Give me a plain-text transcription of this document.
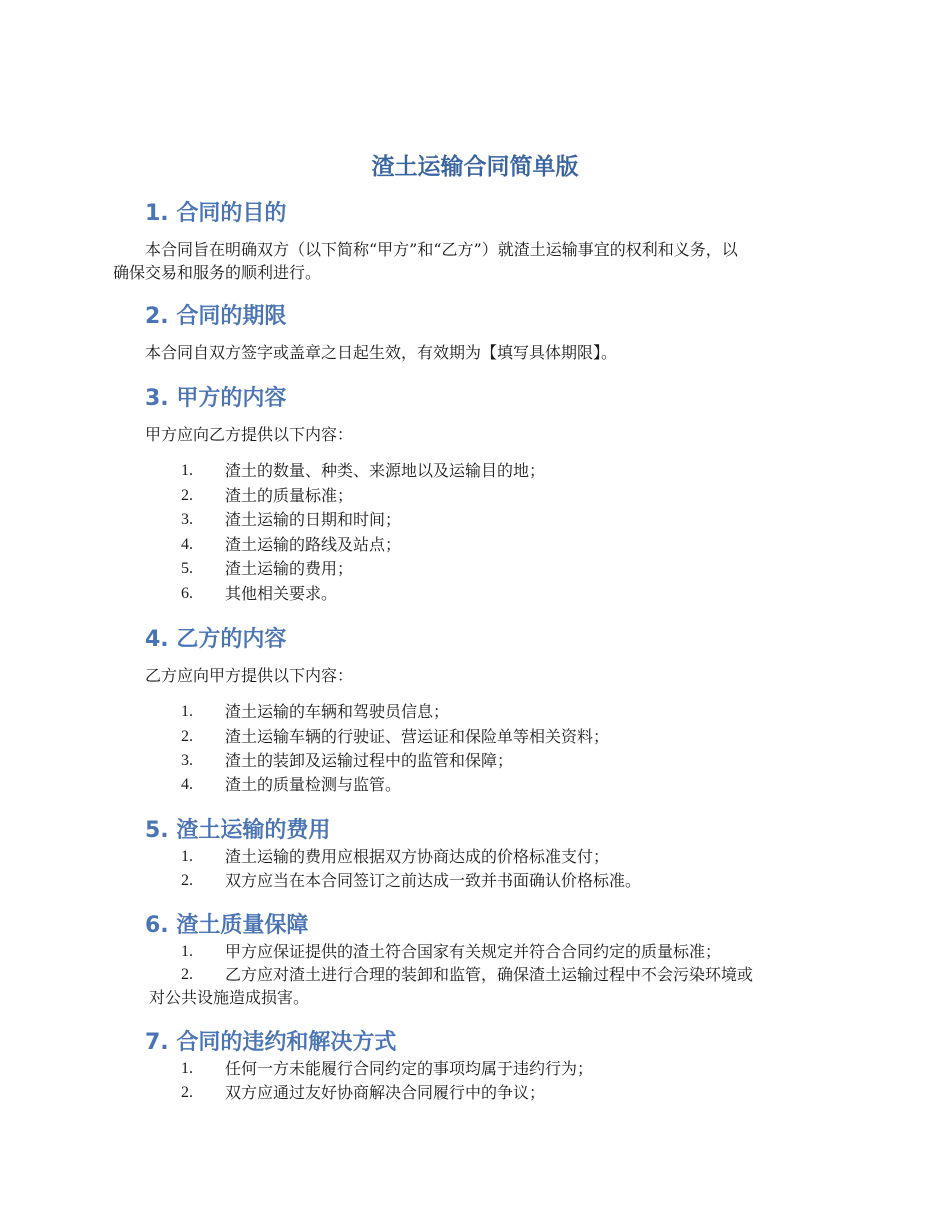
渣土运输合同简单版
1. 合同的目的
本合同旨在明确双方（以下简称“甲方”和“乙方”）就渣土运输事宜的权利和义务，以
确保交易和服务的顺利进行。
2. 合同的期限

本合同自双方签字或盖章之日起生效，有效期为【填写具体期限】。

3. 甲方的内容

甲方应向乙方提供以下内容：

1. 渣土的数量、种类、来源地以及运输目的地；
2. 渣土的质量标准；
3. 渣土运输的日期和时间；
4. 渣土运输的路线及站点；
5. 渣土运输的费用；
6. 其他相关要求。
4. 乙方的内容

乙方应向甲方提供以下内容：

1. 渣土运输的车辆和驾驶员信息；
2. 渣土运输车辆的行驶证、营运证和保险单等相关资料；
3. 渣土的装卸及运输过程中的监管和保障；
4. 渣土的质量检测与监管。
5. 渣土运输的费用
1. 渣土运输的费用应根据双方协商达成的价格标准支付；
2. 双方应当在本合同签订之前达成一致并书面确认价格标准。
6. 渣土质量保障
1. 甲方应保证提供的渣土符合国家有关规定并符合合同约定的质量标准；
2. 乙方应对渣土进行合理的装卸和监管，确保渣土运输过程中不会污染环境或
对公共设施造成损害。
7. 合同的违约和解决方式
1. 任何一方未能履行合同约定的事项均属于违约行为；
2. 双方应通过友好协商解决合同履行中的争议；
